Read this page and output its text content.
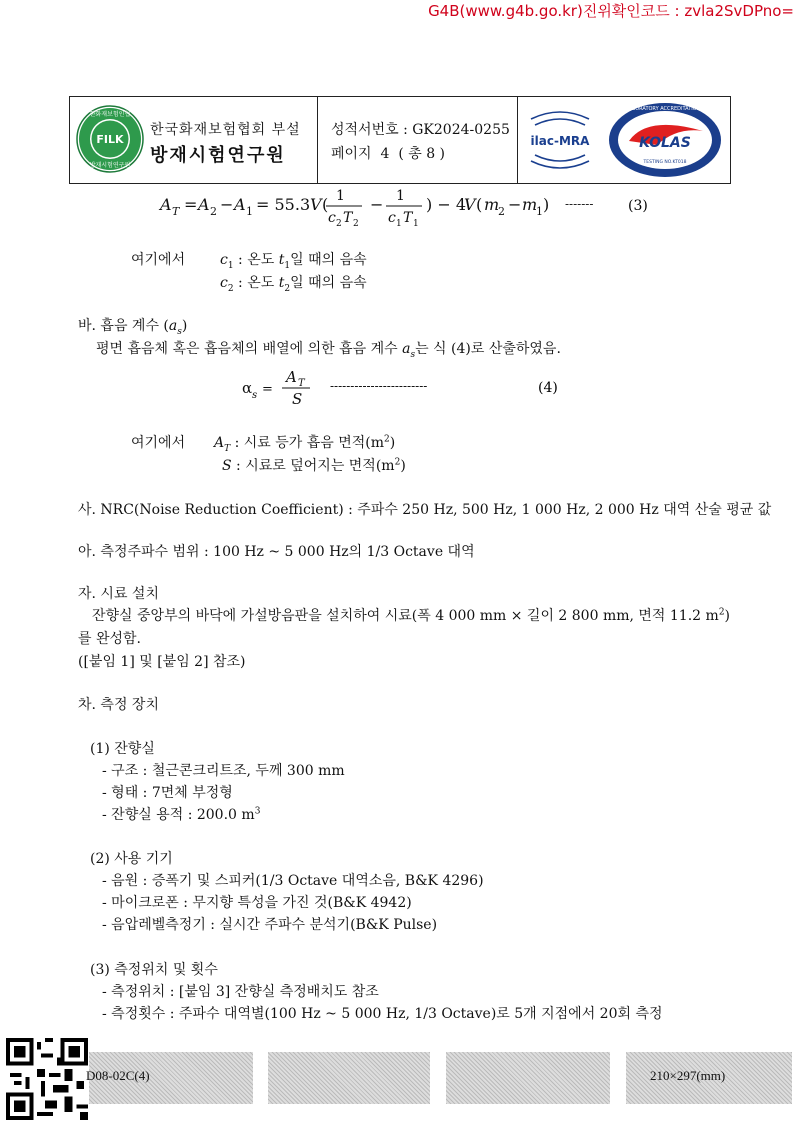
G4B(www.g4b.go.kr)진위확인코드 : zvla2SvDPno=
한화재보험인협
방재시험연구원
FILK
한국화재보험협회 부설
방재시험연구원
성적서번호 : GK2024-0255
페이지 4 ( 총 8 )
ilac-MRA	KOLAS
KOREA LABORATORY ACCREDITATION SCHEME
TESTING NO.KT018
A T = A 2 − A 1 = 55.3 V ( 1
c 2 T 2
− 1
c 1 T 1
) − 4
V ( m
2 − m
1 ) ------- (3)
여기에서 $c_1$ : 온도 $t_1$일 때의 음속
$c_2$ : 온도 $t_2$일 때의 음속
바. 흡음 계수 $(a_s)$
평면 흡음체 혹은 흡음체의 배열에 의한 흡음 계수 $a_s$는 식 (4)로 산출하였음.
α s =
A T
S
------------------------	(4)
여기에서 $A_T$ : 시료 등가 흡음 면적$(m^2)$
S : 시료로 덮어지는 면적$(m^2)$
사. NRC(Noise Reduction Coefficient) : 주파수 250 Hz, 500 Hz, 1 000 Hz, 2 000 Hz 대역 산술 평균 값
아. 측정주파수 범위 : 100 Hz ~ 5 000 Hz의 1/3 Octave 대역
자. 시료 설치
잔향실 중앙부의 바닥에 가설방음판을 설치하여 시료(폭 4 000 mm × 길이 2 800 mm, 면적 11.2 $m^2$)
를 완성함.
([붙임 1] 및 [붙임 2] 참조)
차. 측정 장치
(1) 잔향실
- 구조 : 철근콘크리트조, 두께 300 mm
- 형태 : 7면체 부정형
- 잔향실 용적 : 200.0 $m^3$
(2) 사용 기기
- 음원 : 증폭기 및 스피커(1/3 Octave 대역소음, B&K 4296)
- 마이크로폰 : 무지향 특성을 가진 것(B&K 4942)
- 음압레벨측정기 : 실시간 주파수 분석기(B&K Pulse)
(3) 측정위치 및 횟수
- 측정위치 : [붙임 3] 잔향실 측정배치도 참조
- 측정횟수 : 주파수 대역별(100 Hz ~ 5 000 Hz, 1/3 Octave)로 5개 지점에서 20회 측정
D08-02C(4)	210×297(mm)
